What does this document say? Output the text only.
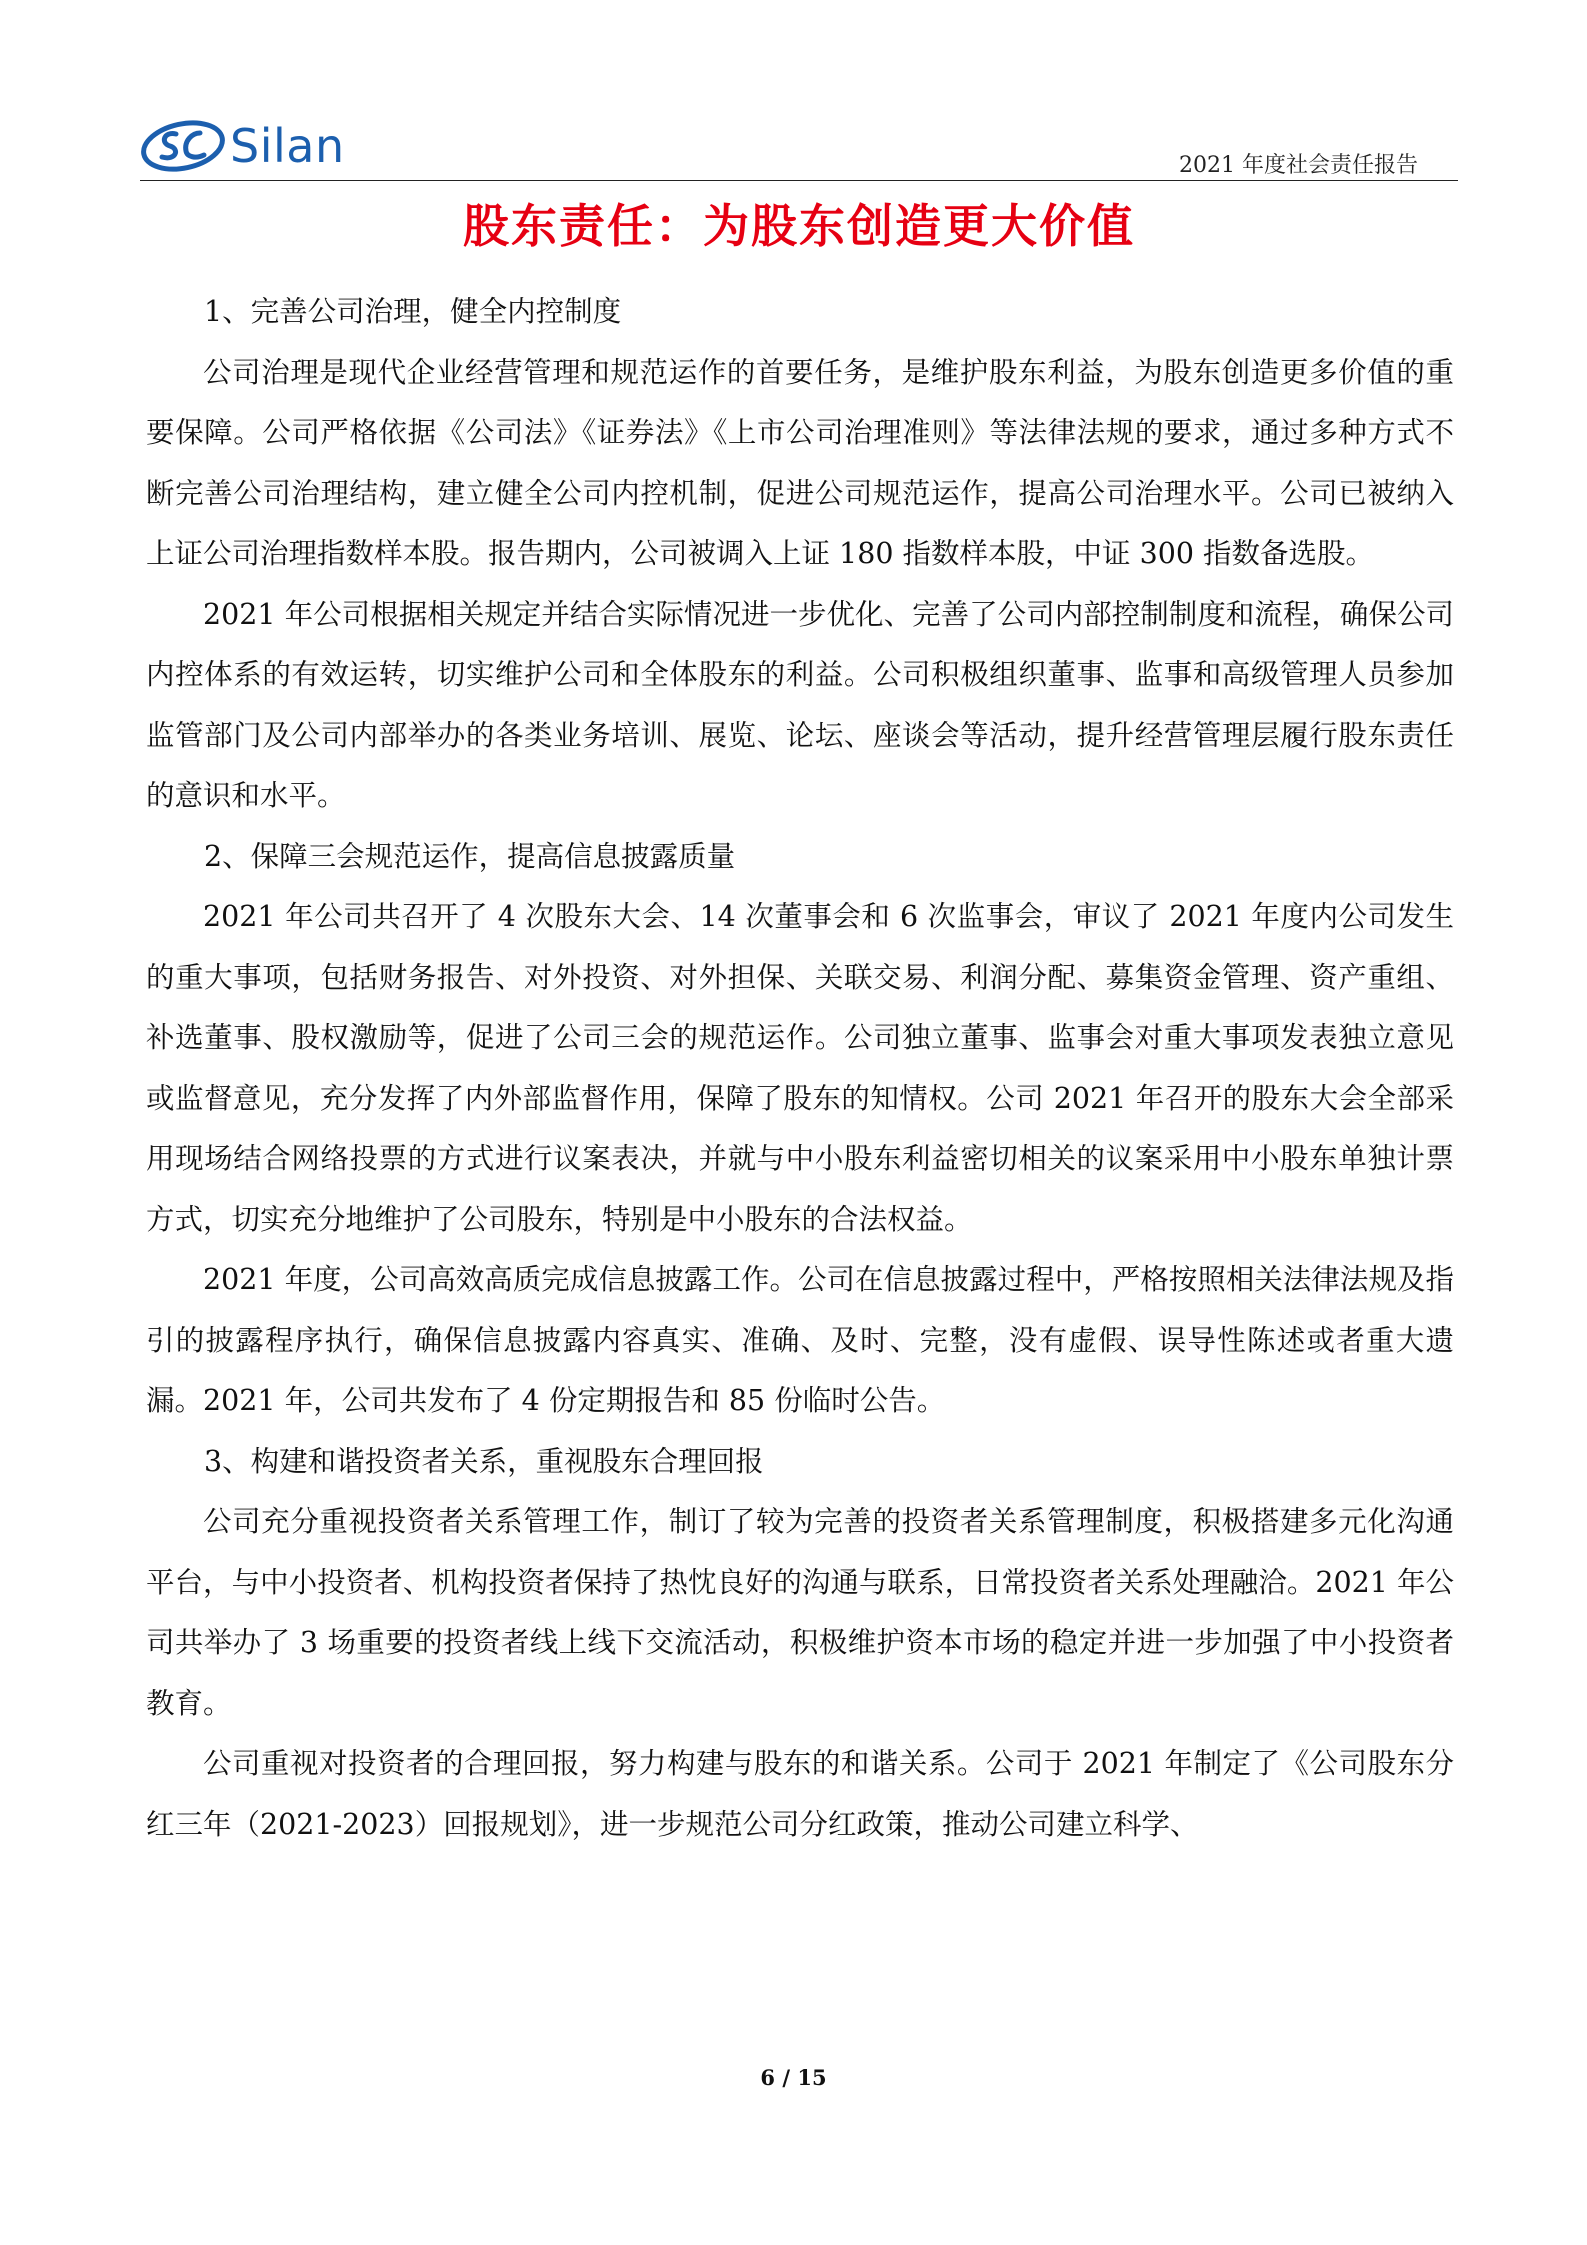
Silan	2021 年度社会责任报告
股东责任：为股东创造更大价值

1、完善公司治理，健全内控制度

公司治理是现代企业经营管理和规范运作的首要任务，是维护股东利益，为股东创造更多价值的重要保障。公司严格依据《公司法》《证券法》《上市公司治理准则》等法律法规的要求，通过多种方式不断完善公司治理结构，建立健全公司内控机制，促进公司规范运作，提高公司治理水平。公司已被纳入上证公司治理指数样本股。报告期内，公司被调入上证 180 指数样本股，中证 300 指数备选股。

2021 年公司根据相关规定并结合实际情况进一步优化、完善了公司内部控制制度和流程，确保公司内控体系的有效运转，切实维护公司和全体股东的利益。公司积极组织董事、监事和高级管理人员参加监管部门及公司内部举办的各类业务培训、展览、论坛、座谈会等活动，提升经营管理层履行股东责任的意识和水平。

2、保障三会规范运作，提高信息披露质量

2021 年公司共召开了 4 次股东大会、14 次董事会和 6 次监事会，审议了 2021 年度内公司发生的重大事项，包括财务报告、对外投资、对外担保、关联交易、利润分配、募集资金管理、资产重组、补选董事、股权激励等，促进了公司三会的规范运作。公司独立董事、监事会对重大事项发表独立意见或监督意见，充分发挥了内外部监督作用，保障了股东的知情权。公司 2021 年召开的股东大会全部采用现场结合网络投票的方式进行议案表决，并就与中小股东利益密切相关的议案采用中小股东单独计票方式，切实充分地维护了公司股东，特别是中小股东的合法权益。

2021 年度，公司高效高质完成信息披露工作。公司在信息披露过程中，严格按照相关法律法规及指引的披露程序执行，确保信息披露内容真实、准确、及时、完整，没有虚假、误导性陈述或者重大遗漏。2021 年，公司共发布了 4 份定期报告和 85 份临时公告。

3、构建和谐投资者关系，重视股东合理回报

公司充分重视投资者关系管理工作，制订了较为完善的投资者关系管理制度，积极搭建多元化沟通平台，与中小投资者、机构投资者保持了热忱良好的沟通与联系，日常投资者关系处理融洽。2021 年公司共举办了 3 场重要的投资者线上线下交流活动，积极维护资本市场的稳定并进一步加强了中小投资者教育。

公司重视对投资者的合理回报，努力构建与股东的和谐关系。公司于 2021 年制定了《公司股东分红三年（2021-2023）回报规划》，进一步规范公司分红政策，推动公司建立科学、

6 / 15
